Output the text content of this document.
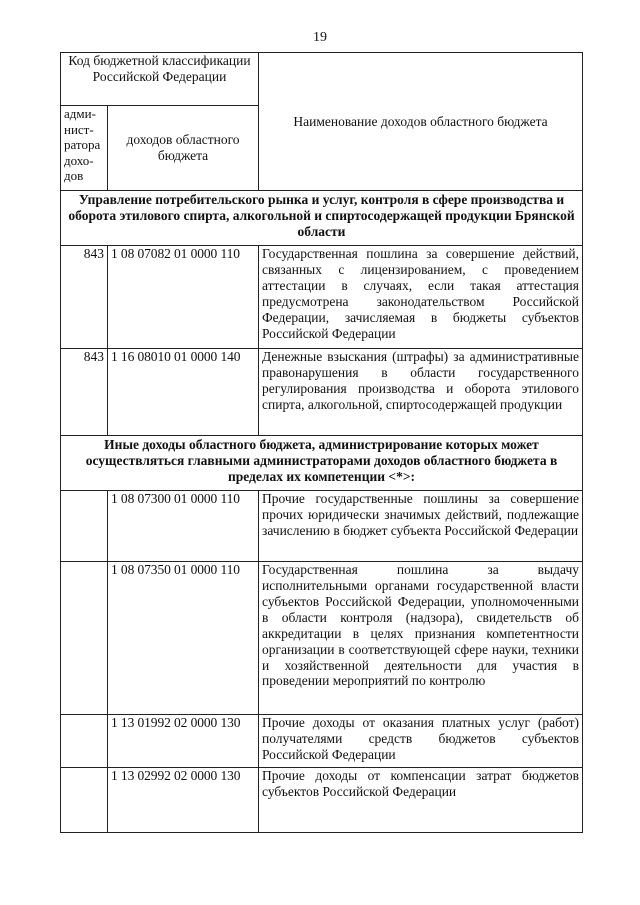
19
Код бюджетной классификации Российской Федерации		Наименование доходов областного бюджета
адми-нист-ратора дохо-дов	доходов областного бюджета	
Управление потребительского рынка и услуг, контроля в сфере производства и оборота этилового спирта, алкогольной и спиртосодержащей продукции Брянской области		
843	1 08 07082 01 0000 110	Государственная пошлина за совершение действий, связанных с лицензированием, с проведением аттестации в случаях, если такая аттестация предусмотрена законодательством Российской Федерации, зачисляемая в бюджеты субъектов Российской Федерации
843	1 16 08010 01 0000 140	Денежные взыскания (штрафы) за административные правонарушения в области государственного регулирования производства и оборота этилового спирта, алкогольной, спиртосодержащей продукции
Иные доходы областного бюджета, администрирование которых может осуществляться главными администраторами доходов областного бюджета в пределах их компетенции <*>:		
	1 08 07300 01 0000 110	Прочие государственные пошлины за совершение прочих юридически значимых действий, подлежащие зачислению в бюджет субъекта Российской Федерации
	1 08 07350 01 0000 110	Государственная пошлина за выдачу исполнительными органами государственной власти субъектов Российской Федерации, уполномоченными в области контроля (надзора), свидетельств об аккредитации в целях признания компетентности организации в соответствующей сфере науки, техники и хозяйственной деятельности для участия в проведении мероприятий по контролю
	1 13 01992 02 0000 130	Прочие доходы от оказания платных услуг (работ) получателями средств бюджетов субъектов Российской Федерации
	1 13 02992 02 0000 130	Прочие доходы от компенсации затрат бюджетов субъектов Российской Федерации
